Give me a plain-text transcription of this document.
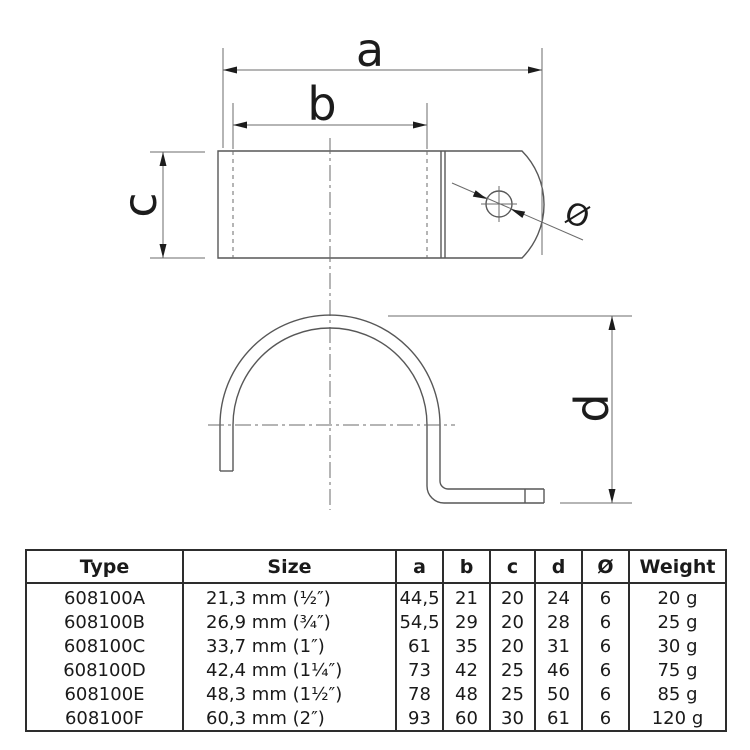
a
b
c	Ø
d
Type	Size	a	b	c	d	Ø	Weight
608100A	21,3 mm (½″)	44,5	21	20	24	6	20 g
608100B	26,9 mm (¾″)	54,5	29	20	28	6	25 g
608100C	33,7 mm (1″)	61	35	20	31	6	30 g
608100D	42,4 mm (1¼″)	73	42	25	46	6	75 g
608100E	48,3 mm (1½″)	78	48	25	50	6	85 g
608100F	60,3 mm (2″)	93	60	30	61	6	120 g
